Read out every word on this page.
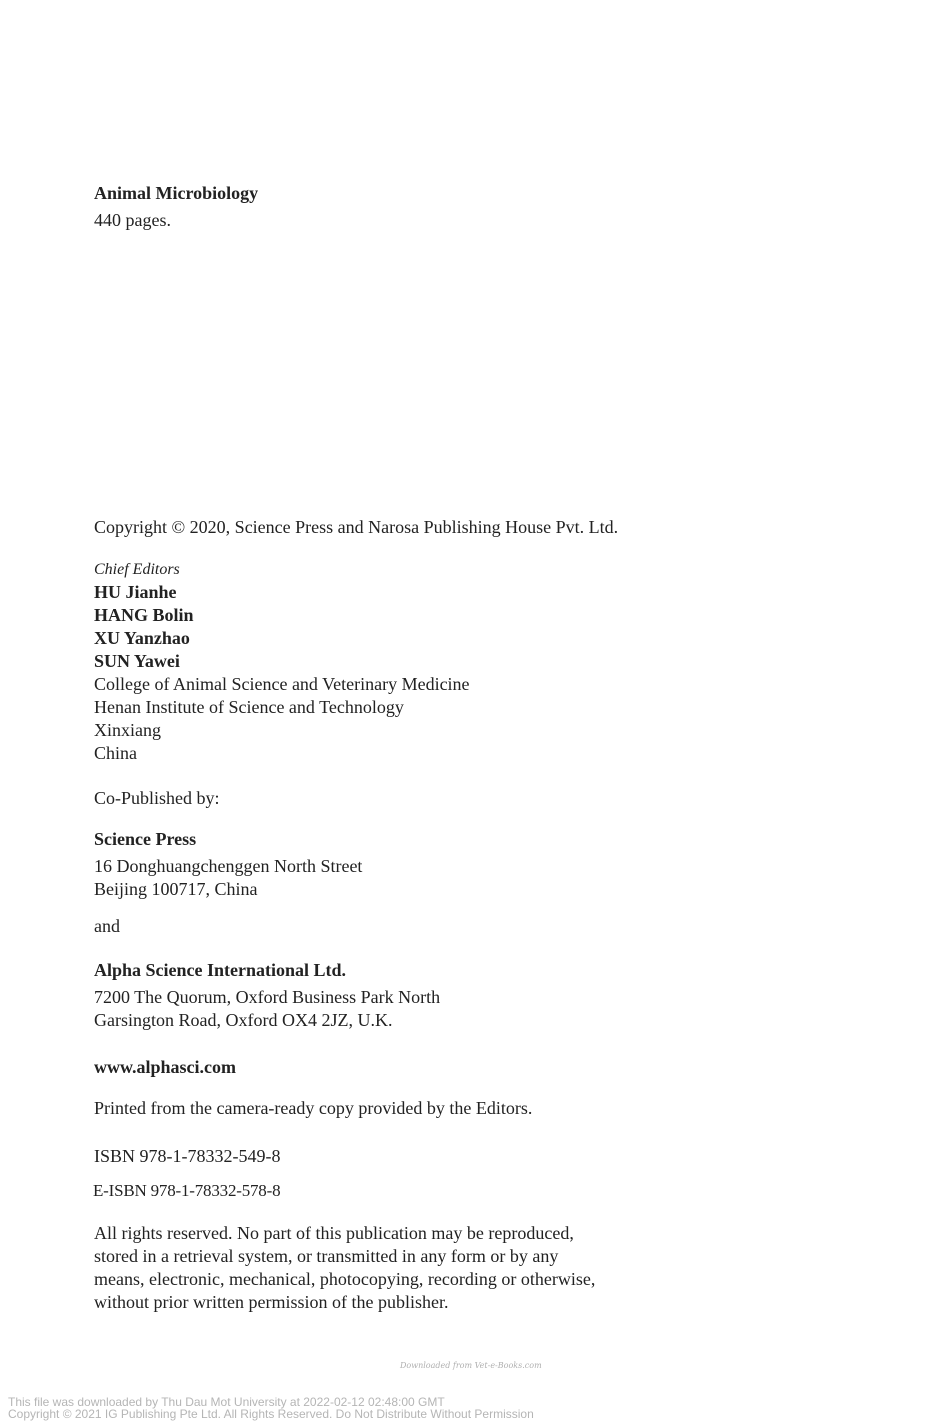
Animal Microbiology
440 pages.
Copyright © 2020, Science Press and Narosa Publishing House Pvt. Ltd.
Chief Editors
HU Jianhe
HANG Bolin
XU Yanzhao
SUN Yawei
College of Animal Science and Veterinary Medicine
Henan Institute of Science and Technology
Xinxiang
China
Co-Published by:
Science Press
16 Donghuangchenggen North Street
Beijing 100717, China
and
Alpha Science International Ltd.
7200 The Quorum, Oxford Business Park North
Garsington Road, Oxford OX4 2JZ, U.K.
www.alphasci.com
Printed from the camera-ready copy provided by the Editors.
ISBN 978-1-78332-549-8
E-ISBN 978-1-78332-578-8
All rights reserved. No part of this publication may be reproduced,
stored in a retrieval system, or transmitted in any form or by any
means, electronic, mechanical, photocopying, recording or otherwise,
without prior written permission of the publisher.
Downloaded from Vet-e-Books.com
This file was downloaded by Thu Dau Mot University at 2022-02-12 02:48:00 GMT
Copyright © 2021 IG Publishing Pte Ltd. All Rights Reserved. Do Not Distribute Without Permission
